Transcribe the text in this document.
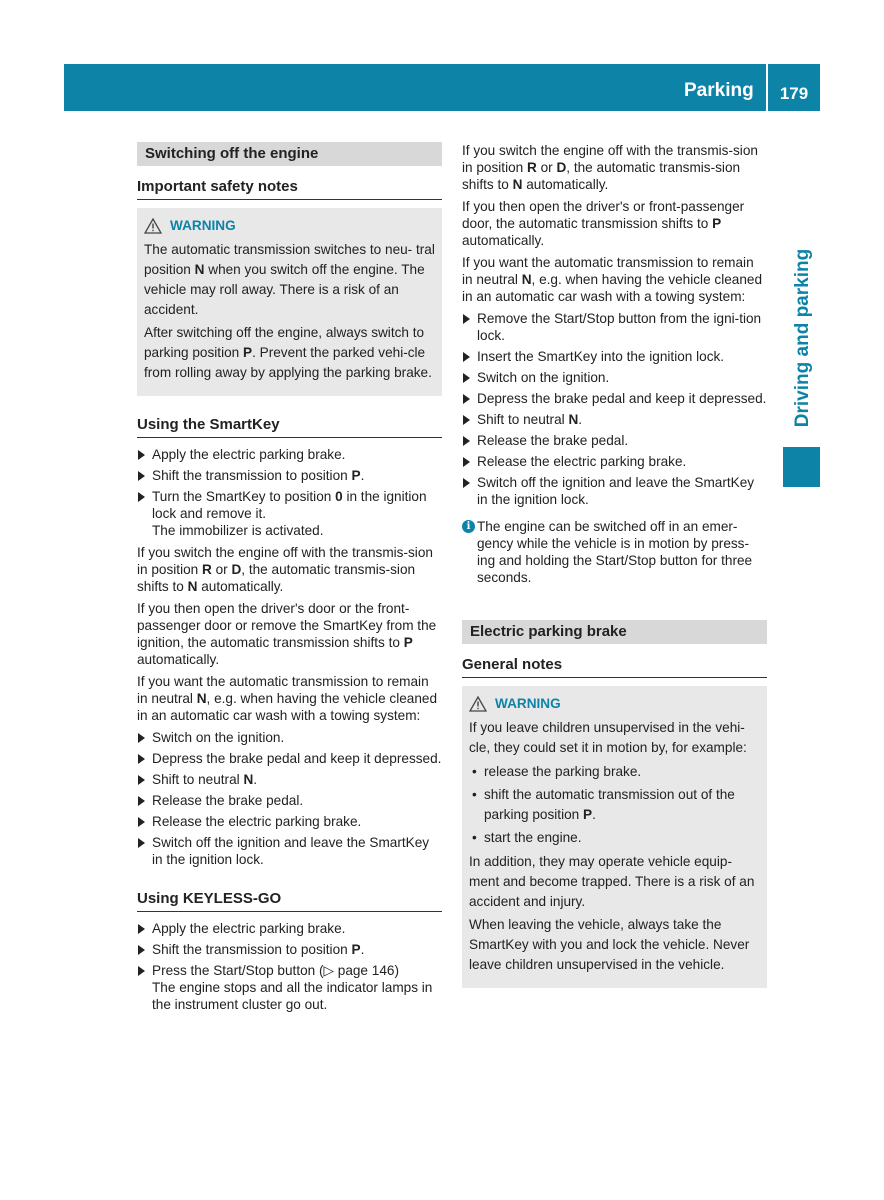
Parking	179
Driving and parking
Switching off the engine
Important safety notes
WARNING

The automatic transmission switches to neu- tral position N when you switch off the engine. The vehicle may roll away. There is a risk of an accident.

After switching off the engine, always switch to parking position P. Prevent the parked vehi-cle from rolling away by applying the parking brake.

Using the SmartKey
Apply the electric parking brake.
Shift the transmission to position P.
Turn the SmartKey to position 0 in the ignition lock and remove it.
The immobilizer is activated.

If you switch the engine off with the transmis-sion in position R or D, the automatic transmis-sion shifts to N automatically.

If you then open the driver's door or the front-passenger door or remove the SmartKey from the ignition, the automatic transmission shifts to P automatically.

If you want the automatic transmission to remain in neutral N, e.g. when having the vehicle cleaned in an automatic car wash with a towing system:

Switch on the ignition.
Depress the brake pedal and keep it depressed.
Shift to neutral N.
Release the brake pedal.
Release the electric parking brake.
Switch off the ignition and leave the SmartKey in the ignition lock.
Using KEYLESS-GO
Apply the electric parking brake.
Shift the transmission to position P.
Press the Start/Stop button (▷ page 146)
The engine stops and all the indicator lamps in the instrument cluster go out.

If you switch the engine off with the transmis-sion in position R or D, the automatic transmis-sion shifts to N automatically.

If you then open the driver's or front-passenger door, the automatic transmission shifts to P automatically.

If you want the automatic transmission to remain in neutral N, e.g. when having the vehicle cleaned in an automatic car wash with a towing system:

Remove the Start/Stop button from the igni-tion lock.
Insert the SmartKey into the ignition lock.
Switch on the ignition.
Depress the brake pedal and keep it depressed.
Shift to neutral N.
Release the brake pedal.
Release the electric parking brake.
Switch off the ignition and leave the SmartKey in the ignition lock.
i The engine can be switched off in an emer-gency while the vehicle is in motion by press-ing and holding the Start/Stop button for three seconds.
Electric parking brake
General notes
WARNING

If you leave children unsupervised in the vehi-cle, they could set it in motion by, for example:

• release the parking brake.
• shift the automatic transmission out of the parking position P.
• start the engine.

In addition, they may operate vehicle equip-ment and become trapped. There is a risk of an accident and injury.

When leaving the vehicle, always take the SmartKey with you and lock the vehicle. Never leave children unsupervised in the vehicle.
